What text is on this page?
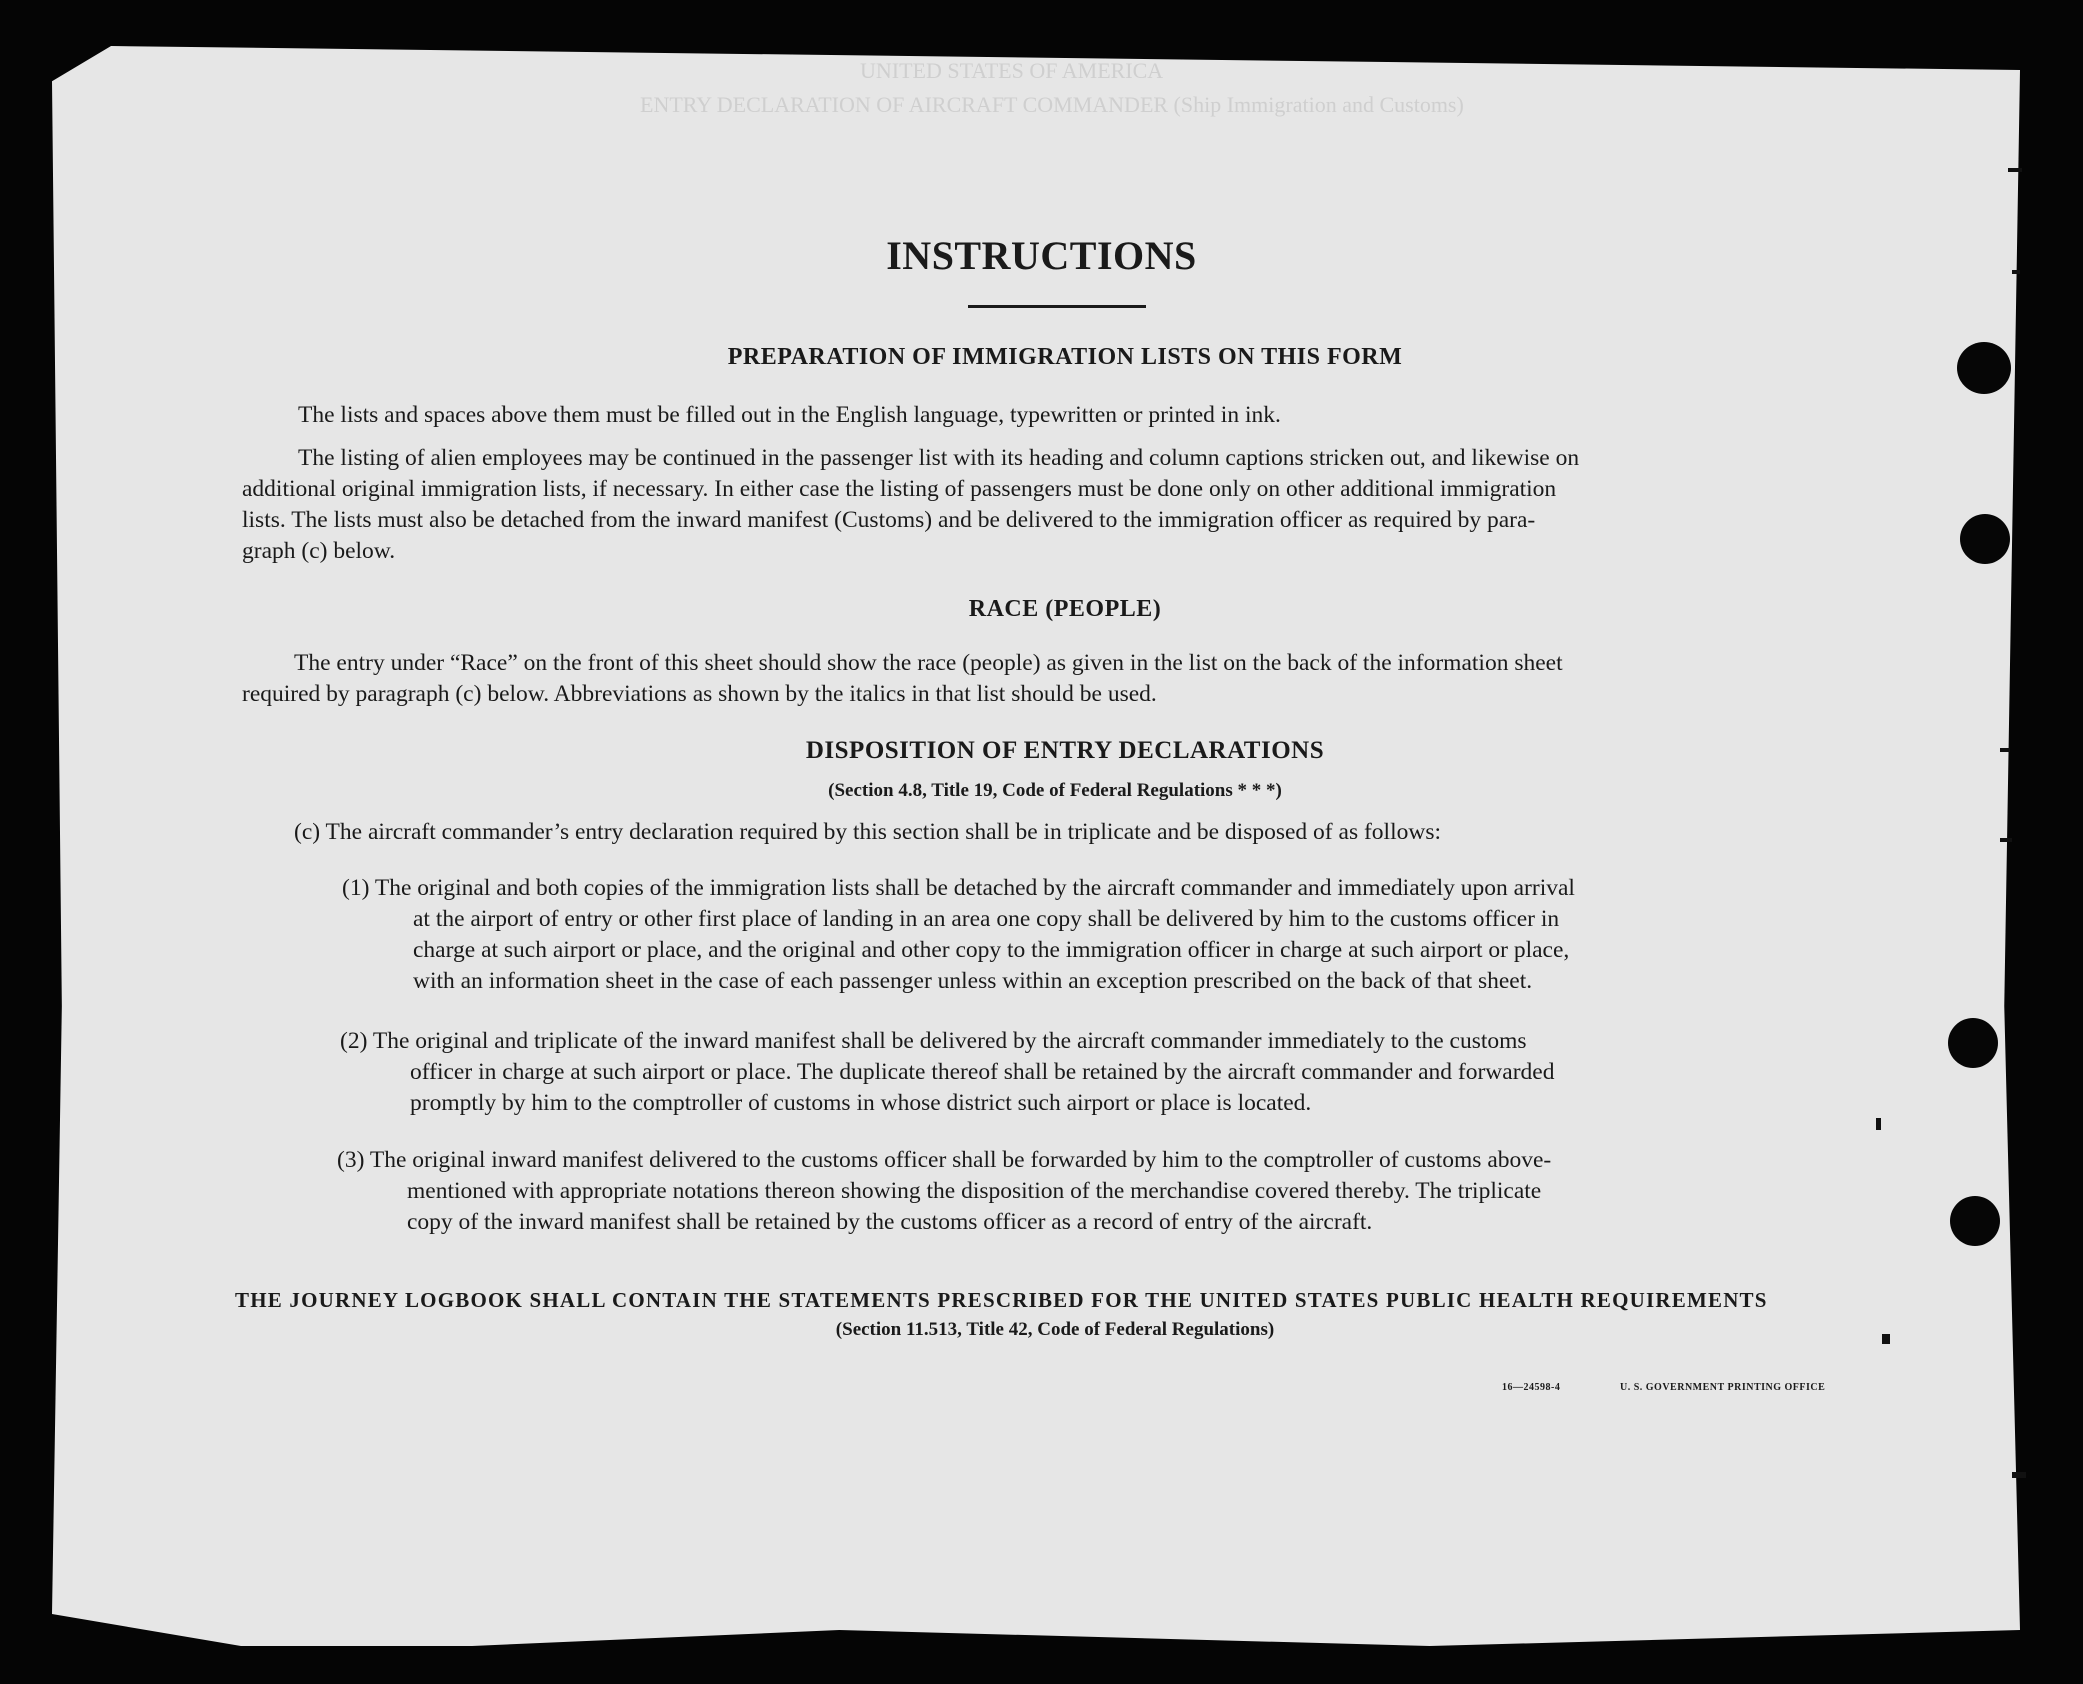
UNITED STATES OF AMERICA
ENTRY DECLARATION OF AIRCRAFT COMMANDER (Ship Immigration and Customs)
INSTRUCTIONS
PREPARATION OF IMMIGRATION LISTS ON THIS FORM
The lists and spaces above them must be filled out in the English language, typewritten or printed in ink.
The listing of alien employees may be continued in the passenger list with its heading and column captions stricken out, and likewise on
additional original immigration lists, if necessary. In either case the listing of passengers must be done only on other additional immigration
lists. The lists must also be detached from the inward manifest (Customs) and be delivered to the immigration officer as required by para-
graph (c) below.
RACE (PEOPLE)
The entry under “Race” on the front of this sheet should show the race (people) as given in the list on the back of the information sheet
required by paragraph (c) below. Abbreviations as shown by the italics in that list should be used.
DISPOSITION OF ENTRY DECLARATIONS
(Section 4.8, Title 19, Code of Federal Regulations * * *)
(c) The aircraft commander’s entry declaration required by this section shall be in triplicate and be disposed of as follows:
(1) The original and both copies of the immigration lists shall be detached by the aircraft commander and immediately upon arrival
at the airport of entry or other first place of landing in an area one copy shall be delivered by him to the customs officer in
charge at such airport or place, and the original and other copy to the immigration officer in charge at such airport or place,
with an information sheet in the case of each passenger unless within an exception prescribed on the back of that sheet.
(2) The original and triplicate of the inward manifest shall be delivered by the aircraft commander immediately to the customs
officer in charge at such airport or place. The duplicate thereof shall be retained by the aircraft commander and forwarded
promptly by him to the comptroller of customs in whose district such airport or place is located.
(3) The original inward manifest delivered to the customs officer shall be forwarded by him to the comptroller of customs above-
mentioned with appropriate notations thereon showing the disposition of the merchandise covered thereby. The triplicate
copy of the inward manifest shall be retained by the customs officer as a record of entry of the aircraft.
THE JOURNEY LOGBOOK SHALL CONTAIN THE STATEMENTS PRESCRIBED FOR THE UNITED STATES PUBLIC HEALTH REQUIREMENTS
(Section 11.513, Title 42, Code of Federal Regulations)
16—24598-4	U. S. GOVERNMENT PRINTING OFFICE
